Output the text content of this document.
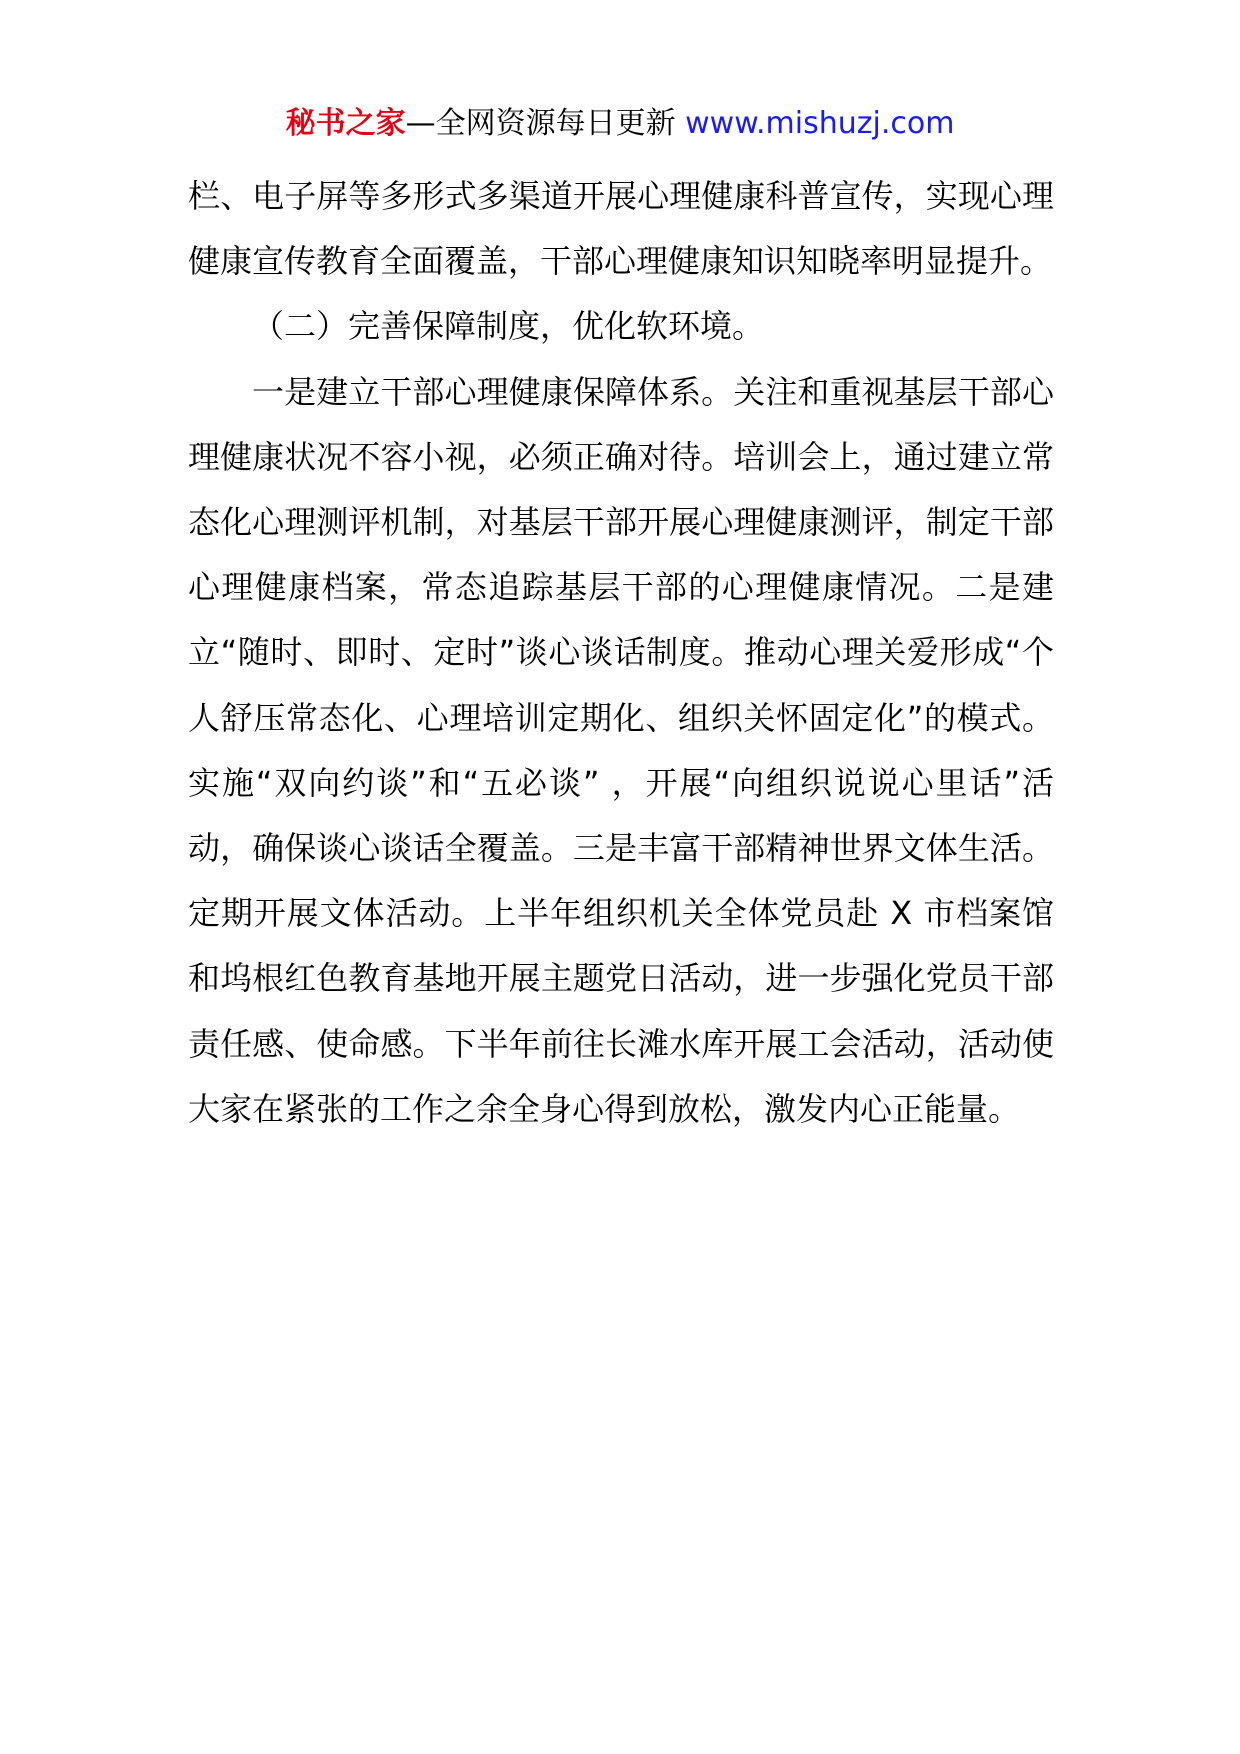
秘书之家—全网资源每日更新 www.mishuzj.com

栏、电子屏等多形式多渠道开展心理健康科普宣传，实现心理健康宣传教育全面覆盖，干部心理健康知识知晓率明显提升。

（二）完善保障制度，优化软环境。

一是建立干部心理健康保障体系。关注和重视基层干部心理健康状况不容小视，必须正确对待。培训会上，通过建立常态化心理测评机制，对基层干部开展心理健康测评，制定干部心理健康档案，常态追踪基层干部的心理健康情况。二是建立“随时、即时、定时”谈心谈话制度。推动心理关爱形成“个人舒压常态化、心理培训定期化、组织关怀固定化”的模式。实施“双向约谈”和“五必谈” ，开展“向组织说说心里话”活动，确保谈心谈话全覆盖。三是丰富干部精神世界文体生活。定期开展文体活动。上半年组织机关全体党员赴 X 市档案馆和坞根红色教育基地开展主题党日活动，进一步强化党员干部责任感、使命感。下半年前往长滩水库开展工会活动，活动使大家在紧张的工作之余全身心得到放松，激发内心正能量。
